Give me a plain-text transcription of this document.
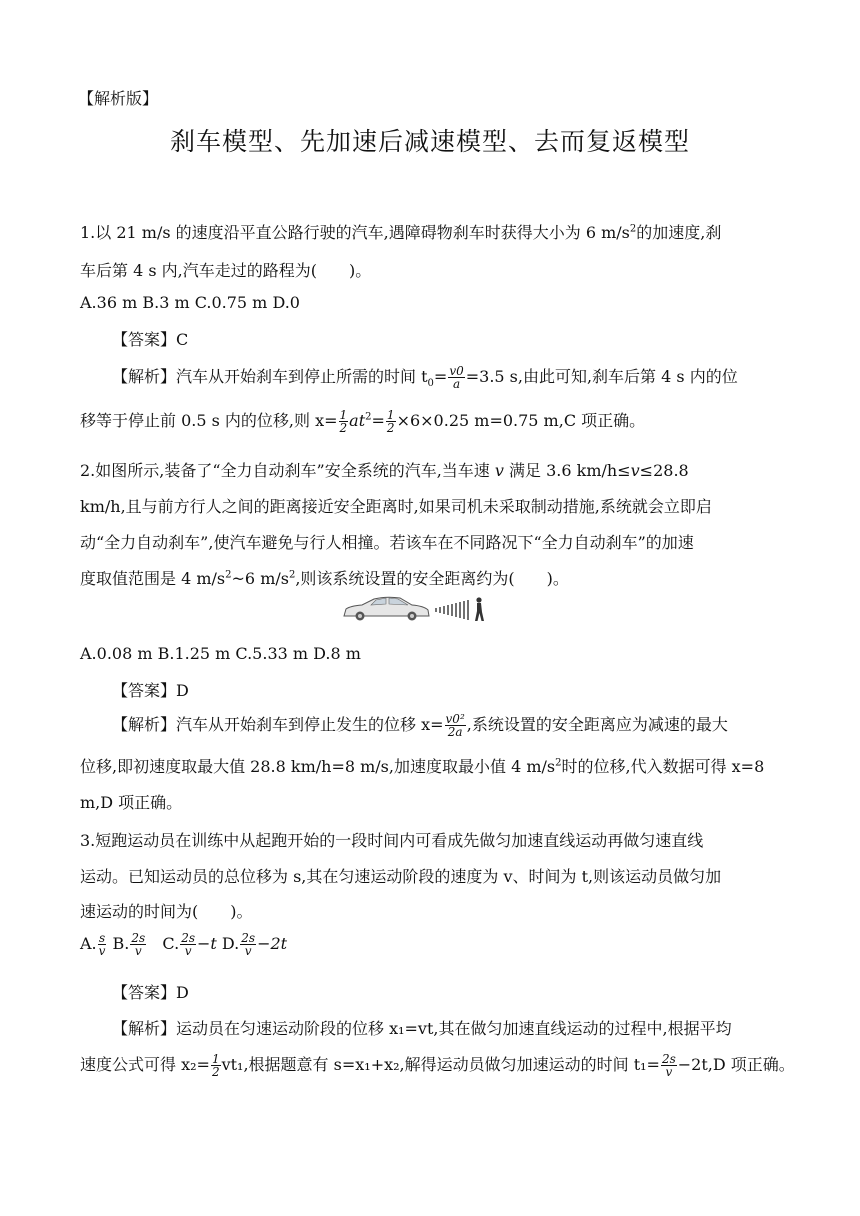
【解析版】
刹车模型、先加速后减速模型、去而复返模型
1.以 21 m/s 的速度沿平直公路行驶的汽车,遇障碍物刹车时获得大小为 6 $m/s^2$的加速度,刹
车后第 4 s 内,汽车走过的路程为(　　)。
A.36 m B.3 m C.0.75 m D.0
【答案】C
【解析】汽车从开始刹车到停止所需的时间 $t_0= \frac{v0}{a} =3.5$ s,由此可知,刹车后第 4 s 内的位
移等于停止前 0.5 s 内的位移,则 $x= \frac{1}{2} at^2= \frac{1}{2} \times 6\times 0.25$ m=0.75 m,C 项正确。
2.如图所示,装备了“全力自动刹车”安全系统的汽车,当车速 v 满足 3.6 km/h≤v≤28.8
km/h,且与前方行人之间的距离接近安全距离时,如果司机未采取制动措施,系统就会立即启
动“全力自动刹车”,使汽车避免与行人相撞。若该车在不同路况下“全力自动刹车”的加速
度取值范围是 4 $m/s^2\sim 6$ $m/s^2$,则该系统设置的安全距离约为(　　)。
A.0.08 m B.1.25 m C.5.33 m D.8 m
【答案】D
【解析】汽车从开始刹车到停止发生的位移 $x= \frac{\text{v0²}}{2a}$ ,系统设置的安全距离应为减速的最大
位移,即初速度取最大值 28.8 km/h=8 m/s,加速度取最小值 4 $m/s^2$时的位移,代入数据可得 x=8
m,D 项正确。
3.短跑运动员在训练中从起跑开始的一段时间内可看成先做匀加速直线运动再做匀速直线
运动。已知运动员的总位移为 s,其在匀速运动阶段的速度为 v、时间为 t,则该运动员做匀加
速运动的时间为(　　)。
A. $\frac{s}{v} B$. $\frac{2s}{v} C$. $\frac{2s}{v} -t$ D. $\frac{2s}{v} -2t$
【答案】D
【解析】运动员在匀速运动阶段的位移 x₁=vt,其在做匀加速直线运动的过程中,根据平均
速度公式可得 $x_2= \frac{1}{2} vt_1$,根据题意有 s=x₁+x₂,解得运动员做匀加速运动的时间 $t_1= \frac{2s}{v} -2t,D$ 项正确。
